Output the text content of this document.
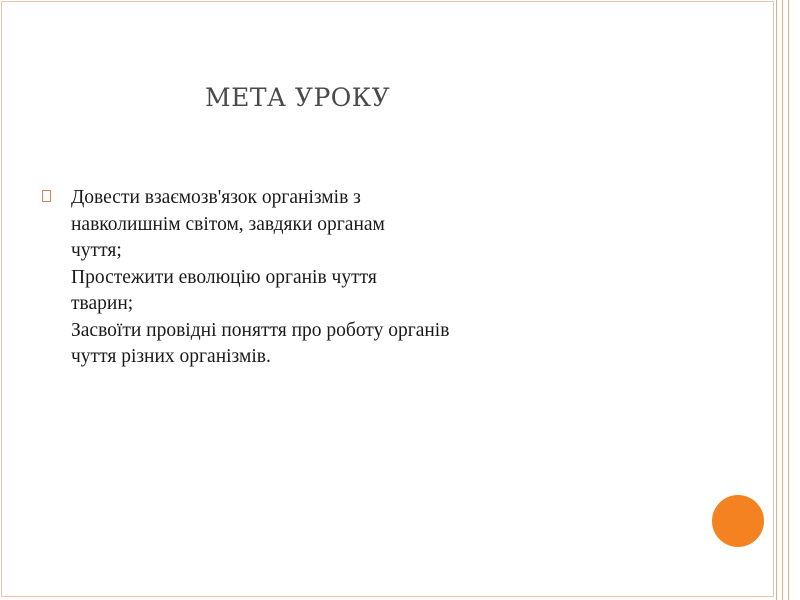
МЕТА УРОКУ
Довести взаємозв'язок організмів з
навколишнім світом, завдяки органам
чуття;
Простежити еволюцію органів чуття
тварин;
Засвоїти провідні поняття про роботу органів
чуття різних організмів.
